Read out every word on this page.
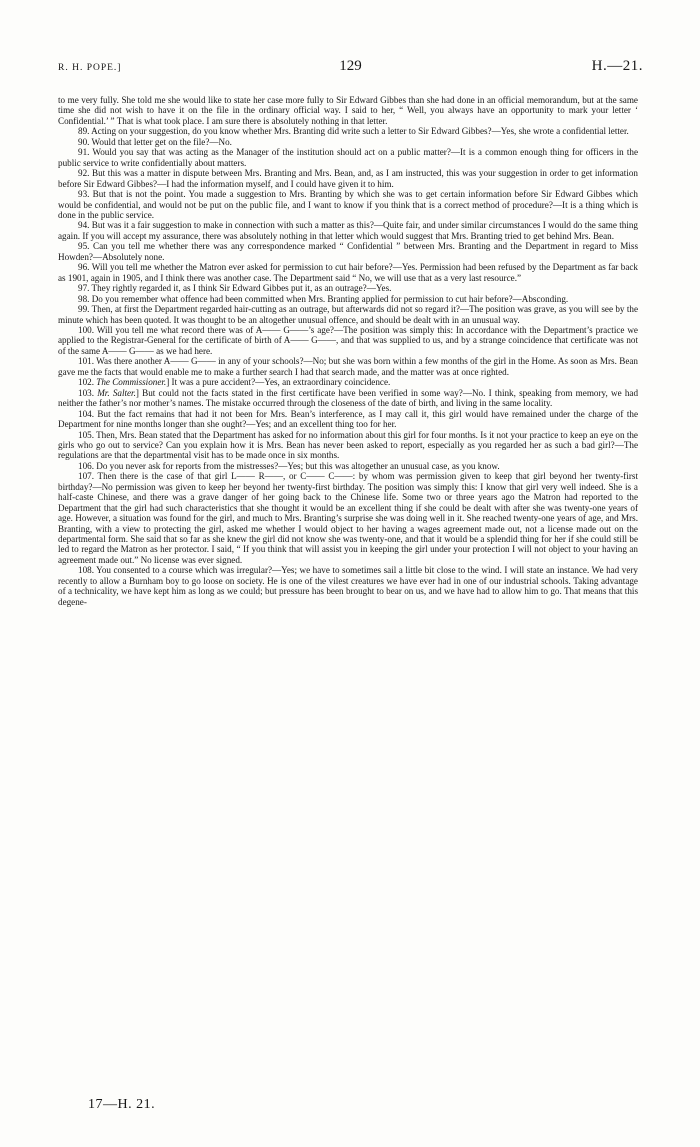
R. H. POPE.]	129	H.—21.

to me very fully. She told me she would like to state her case more fully to Sir Edward Gibbes than she had done in an official memorandum, but at the same time she did not wish to have it on the file in the ordinary official way. I said to her, “ Well, you always have an opportunity to mark your letter ‘ Confidential.’ ” That is what took place. I am sure there is absolutely nothing in that letter.

89. Acting on your suggestion, do you know whether Mrs. Branting did write such a letter to Sir Edward Gibbes?—Yes, she wrote a confidential letter.

90. Would that letter get on the file?—No.

91. Would you say that was acting as the Manager of the institution should act on a public matter?—It is a common enough thing for officers in the public service to write confidentially about matters.

92. But this was a matter in dispute between Mrs. Branting and Mrs. Bean, and, as I am instructed, this was your suggestion in order to get information before Sir Edward Gibbes?—I had the information myself, and I could have given it to him.

93. But that is not the point. You made a suggestion to Mrs. Branting by which she was to get certain information before Sir Edward Gibbes which would be confidential, and would not be put on the public file, and I want to know if you think that is a correct method of procedure?—It is a thing which is done in the public service.

94. But was it a fair suggestion to make in connection with such a matter as this?—Quite fair, and under similar circumstances I would do the same thing again. If you will accept my assurance, there was absolutely nothing in that letter which would suggest that Mrs. Branting tried to get behind Mrs. Bean.

95. Can you tell me whether there was any correspondence marked “ Confidential ” between Mrs. Branting and the Department in regard to Miss Howden?—Absolutely none.

96. Will you tell me whether the Matron ever asked for permission to cut hair before?—Yes. Permission had been refused by the Department as far back as 1901, again in 1905, and I think there was another case. The Department said “ No, we will use that as a very last resource.”

97. They rightly regarded it, as I think Sir Edward Gibbes put it, as an outrage?—Yes.

98. Do you remember what offence had been committed when Mrs. Branting applied for permission to cut hair before?—Absconding.

99. Then, at first the Department regarded hair-cutting as an outrage, but afterwards did not so regard it?—The position was grave, as you will see by the minute which has been quoted. It was thought to be an altogether unusual offence, and should be dealt with in an unusual way.

100. Will you tell me what record there was of A—— G——’s age?—The position was simply this: In accordance with the Department’s practice we applied to the Registrar-General for the certificate of birth of A—— G——, and that was supplied to us, and by a strange coincidence that certificate was not of the same A—— G—— as we had here.

101. Was there another A—— G—— in any of your schools?—No; but she was born within a few months of the girl in the Home. As soon as Mrs. Bean gave me the facts that would enable me to make a further search I had that search made, and the matter was at once righted.

102. The Commissioner.] It was a pure accident?—Yes, an extraordinary coincidence.

103. Mr. Salter.] But could not the facts stated in the first certificate have been verified in some way?—No. I think, speaking from memory, we had neither the father’s nor mother’s names. The mistake occurred through the closeness of the date of birth, and living in the same locality.

104. But the fact remains that had it not been for Mrs. Bean’s interference, as I may call it, this girl would have remained under the charge of the Department for nine months longer than she ought?—Yes; and an excellent thing too for her.

105. Then, Mrs. Bean stated that the Department has asked for no information about this girl for four months. Is it not your practice to keep an eye on the girls who go out to service? Can you explain how it is Mrs. Bean has never been asked to report, especially as you regarded her as such a bad girl?—The regulations are that the departmental visit has to be made once in six months.

106. Do you never ask for reports from the mistresses?—Yes; but this was altogether an unusual case, as you know.

107. Then there is the case of that girl L—— R——, or C—— C——: by whom was permission given to keep that girl beyond her twenty-first birthday?—No permission was given to keep her beyond her twenty-first birthday. The position was simply this: I know that girl very well indeed. She is a half-caste Chinese, and there was a grave danger of her going back to the Chinese life. Some two or three years ago the Matron had reported to the Department that the girl had such characteristics that she thought it would be an excellent thing if she could be dealt with after she was twenty-one years of age. However, a situation was found for the girl, and much to Mrs. Branting’s surprise she was doing well in it. She reached twenty-one years of age, and Mrs. Branting, with a view to protecting the girl, asked me whether I would object to her having a wages agreement made out, not a license made out on the departmental form. She said that so far as she knew the girl did not know she was twenty-one, and that it would be a splendid thing for her if she could still be led to regard the Matron as her protector. I said, “ If you think that will assist you in keeping the girl under your protection I will not object to your having an agreement made out.” No license was ever signed.

108. You consented to a course which was irregular?—Yes; we have to sometimes sail a little bit close to the wind. I will state an instance. We had very recently to allow a Burnham boy to go loose on society. He is one of the vilest creatures we have ever had in one of our industrial schools. Taking advantage of a technicality, we have kept him as long as we could; but pressure has been brought to bear on us, and we have had to allow him to go. That means that this degene-

17—H. 21.
